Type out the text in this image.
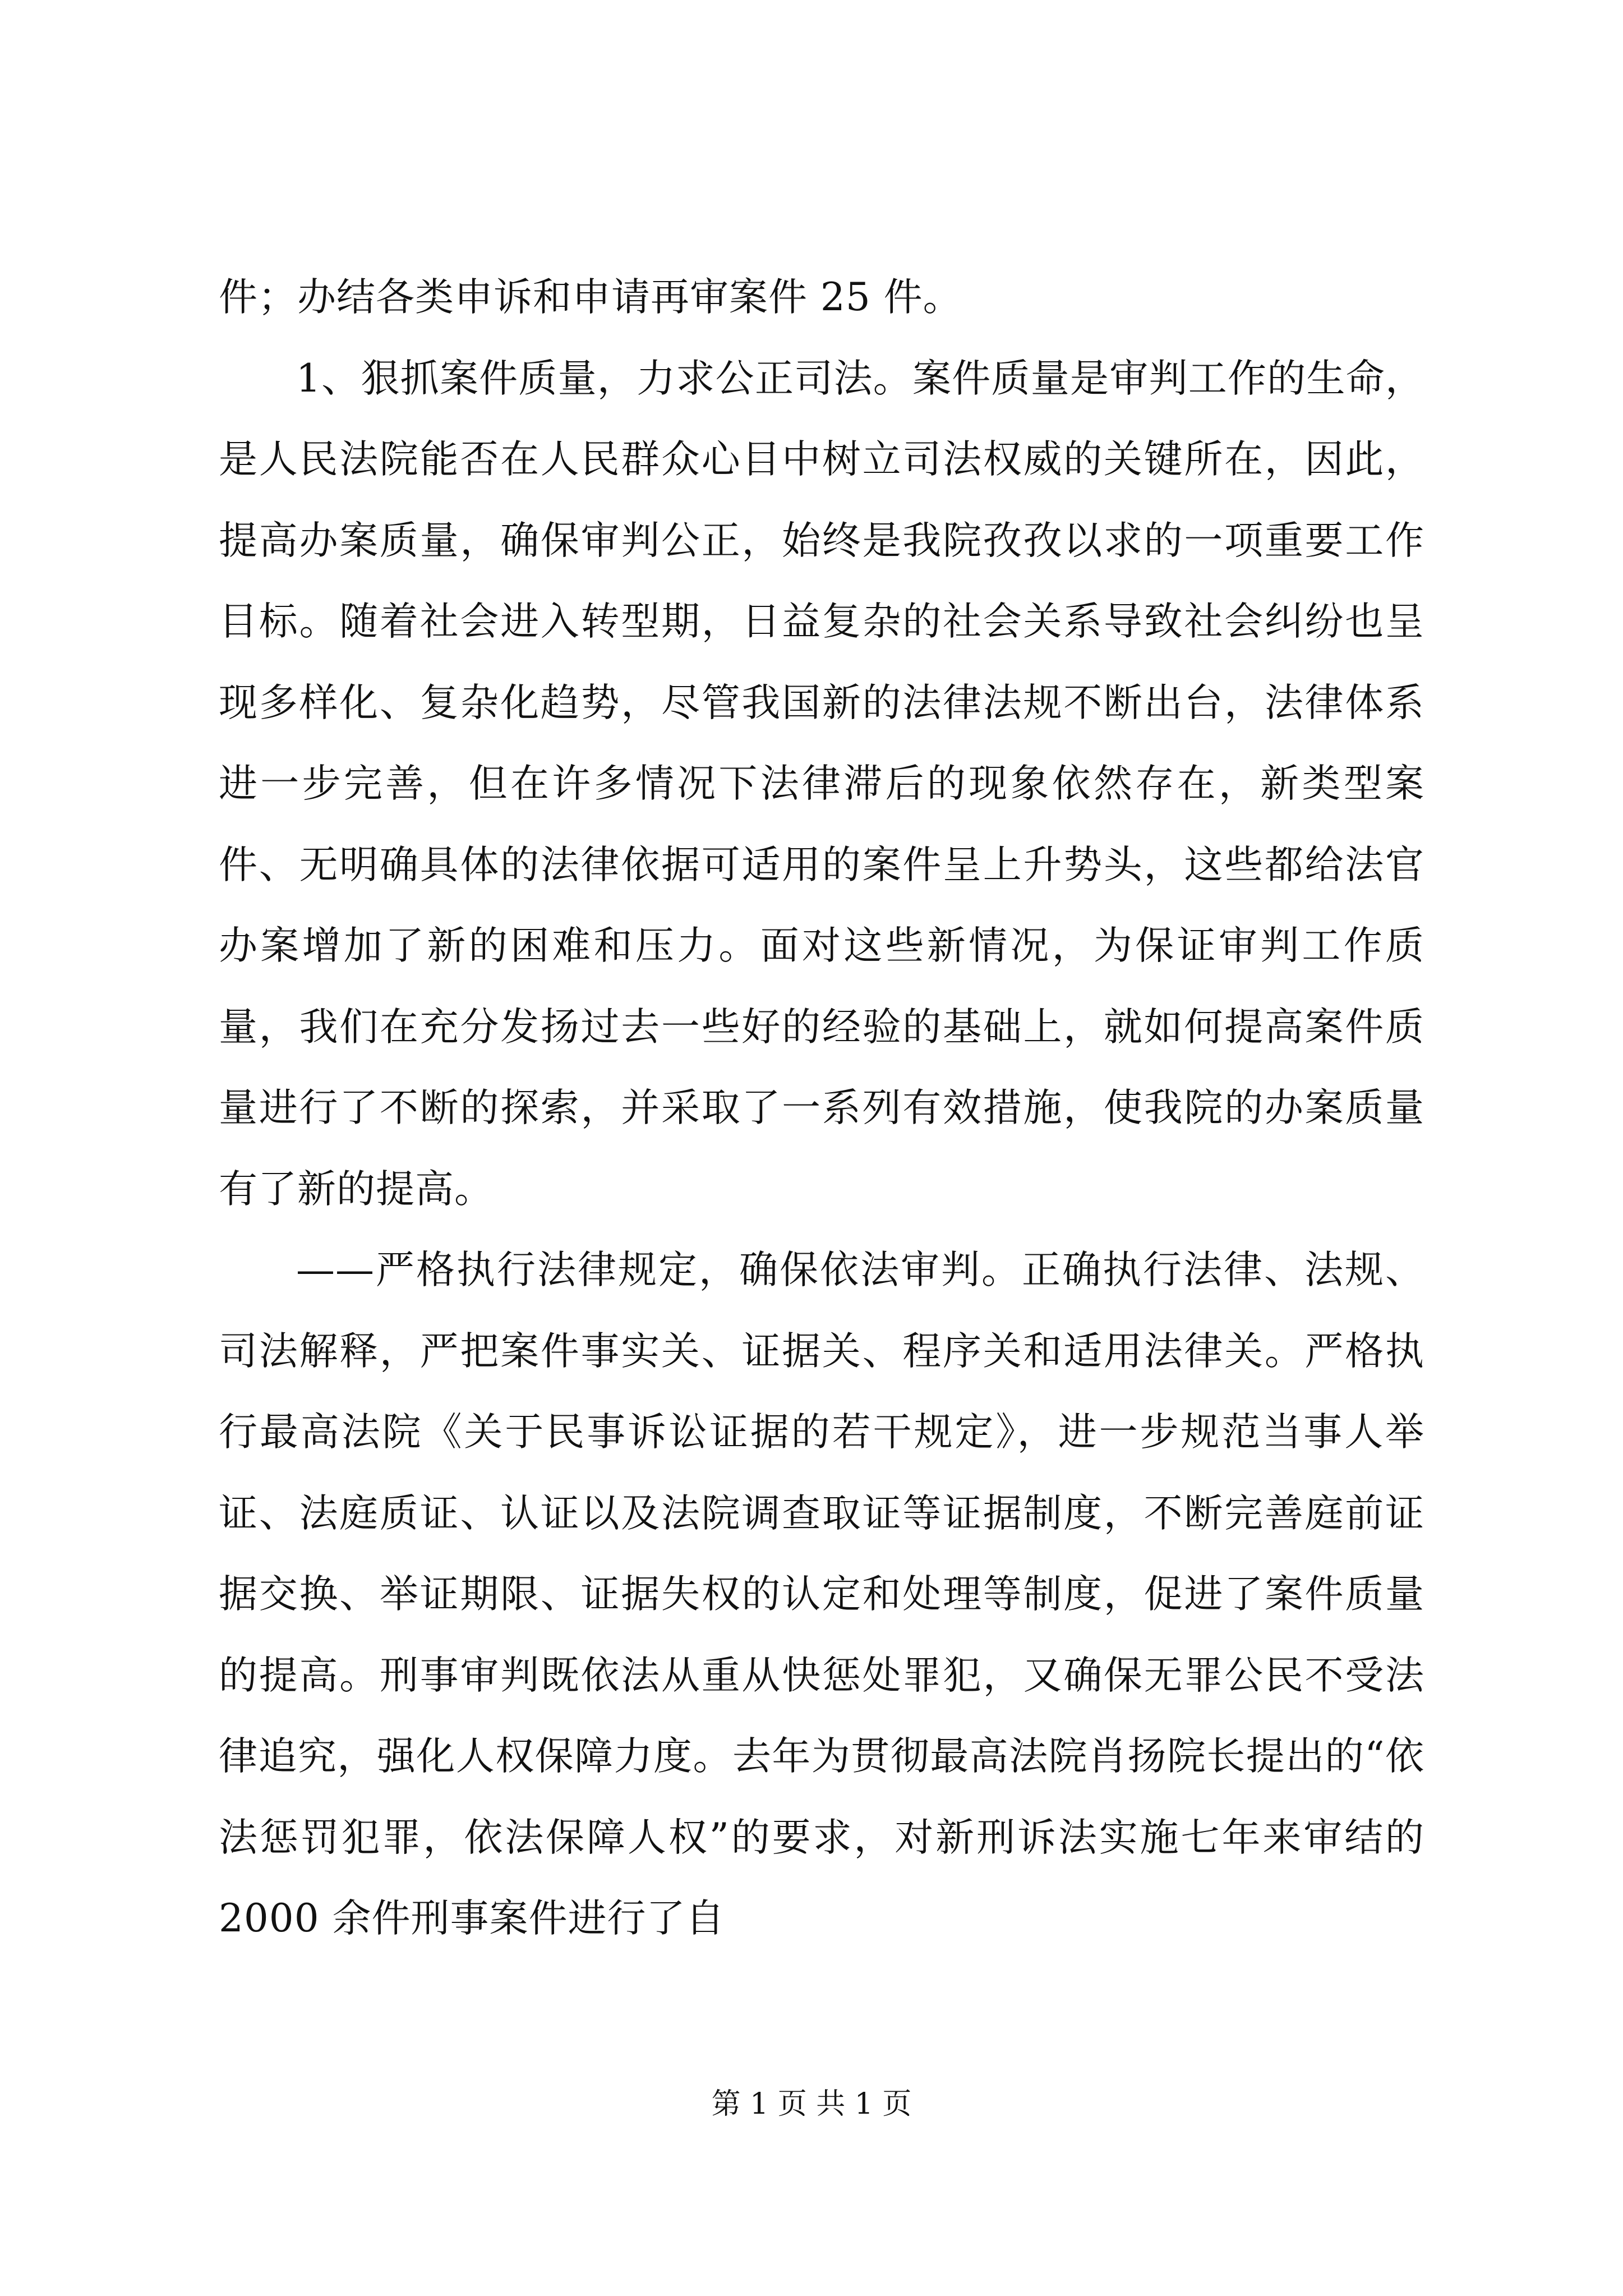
件；办结各类申诉和申请再审案件 25 件。

1、狠抓案件质量，力求公正司法。案件质量是审判工作的生命，是人民法院能否在人民群众心目中树立司法权威的关键所在，因此，提高办案质量，确保审判公正，始终是我院孜孜以求的一项重要工作目标。随着社会进入转型期，日益复杂的社会关系导致社会纠纷也呈现多样化、复杂化趋势，尽管我国新的法律法规不断出台，法律体系进一步完善，但在许多情况下法律滞后的现象依然存在，新类型案件、无明确具体的法律依据可适用的案件呈上升势头，这些都给法官办案增加了新的困难和压力。面对这些新情况，为保证审判工作质量，我们在充分发扬过去一些好的经验的基础上，就如何提高案件质量进行了不断的探索，并采取了一系列有效措施，使我院的办案质量有了新的提高。

——严格执行法律规定，确保依法审判。正确执行法律、法规、司法解释，严把案件事实关、证据关、程序关和适用法律关。严格执行最高法院《关于民事诉讼证据的若干规定》，进一步规范当事人举证、法庭质证、认证以及法院调查取证等证据制度，不断完善庭前证据交换、举证期限、证据失权的认定和处理等制度，促进了案件质量的提高。刑事审判既依法从重从快惩处罪犯，又确保无罪公民不受法律追究，强化人权保障力度。去年为贯彻最高法院肖扬院长提出的“依法惩罚犯罪，依法保障人权”的要求，对新刑诉法实施七年来审结的 2000 余件刑事案件进行了自

第 1 页 共 1 页
